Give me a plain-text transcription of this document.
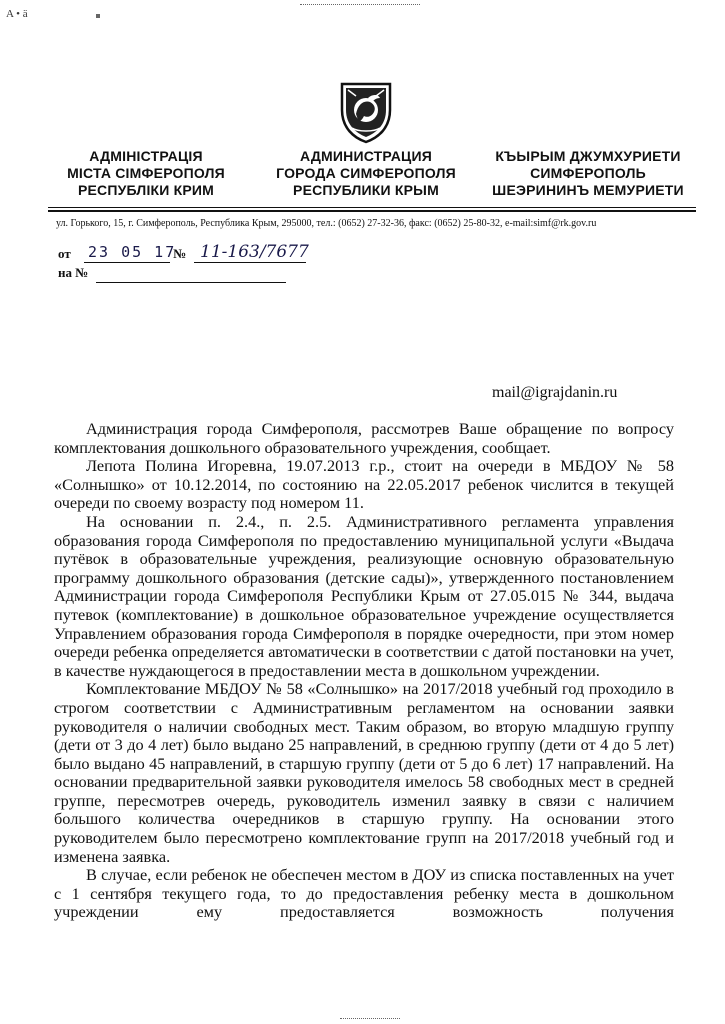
A • ä
АДМІНІСТРАЦІЯ
МІСТА СІМФЕРОПОЛЯ
РЕСПУБЛІКИ КРИМ
АДМИНИСТРАЦИЯ
ГОРОДА СИМФЕРОПОЛЯ
РЕСПУБЛИКИ КРЫМ
КЪЫРЫМ ДЖУМХУРИЕТИ
СИМФЕРОПОЛЬ
ШЕЭРИНИНЪ МЕМУРИЕТИ
ул. Горького, 15, г. Симферополь, Республика Крым, 295000, тел.: (0652) 27-32-36, факс: (0652) 25-80-32, e-mail:simf@rk.gov.ru
от	№
23 05 17 11-163/7677
на №
mail@igrajdanin.ru

Администрация города Симферополя, рассмотрев Ваше обращение по вопросу комплектования дошкольного образовательного учреждения, сообщает.

Лепота Полина Игоревна, 19.07.2013 г.р., стоит на очереди в МБДОУ № 58 «Солнышко» от 10.12.2014, по состоянию на 22.05.2017 ребенок числится в текущей очереди по своему возрасту под номером 11.

На основании п. 2.4., п. 2.5. Административного регламента управления образования города Симферополя по предоставлению муниципальной услуги «Выдача путёвок в образовательные учреждения, реализующие основную образовательную программу дошкольного образования (детские сады)», утвержденного постановлением Администрации города Симферополя Республики Крым от 27.05.015 № 344, выдача путевок (комплектование) в дошкольное образовательное учреждение осуществляется Управлением образования города Симферополя в порядке очередности, при этом номер очереди ребенка определяется автоматически в соответствии с датой постановки на учет, в качестве нуждающегося в предоставлении места в дошкольном учреждении.

Комплектование МБДОУ № 58 «Солнышко» на 2017/2018 учебный год проходило в строгом соответствии с Административным регламентом на основании заявки руководителя о наличии свободных мест. Таким образом, во вторую младшую группу (дети от 3 до 4 лет) было выдано 25 направлений, в среднюю группу (дети от 4 до 5 лет) было выдано 45 направлений, в старшую группу (дети от 5 до 6 лет) 17 направлений. На основании предварительной заявки руководителя имелось 58 свободных мест в средней группе, пересмотрев очередь, руководитель изменил заявку в связи с наличием большого количества очередников в старшую группу. На основании этого руководителем было пересмотрено комплектование групп на 2017/2018 учебный год и изменена заявка.

В случае, если ребенок не обеспечен местом в ДОУ из списка поставленных на учет с 1 сентября текущего года, то до предоставления ребенку места в дошкольном учреждении ему предоставляется возможность получения
